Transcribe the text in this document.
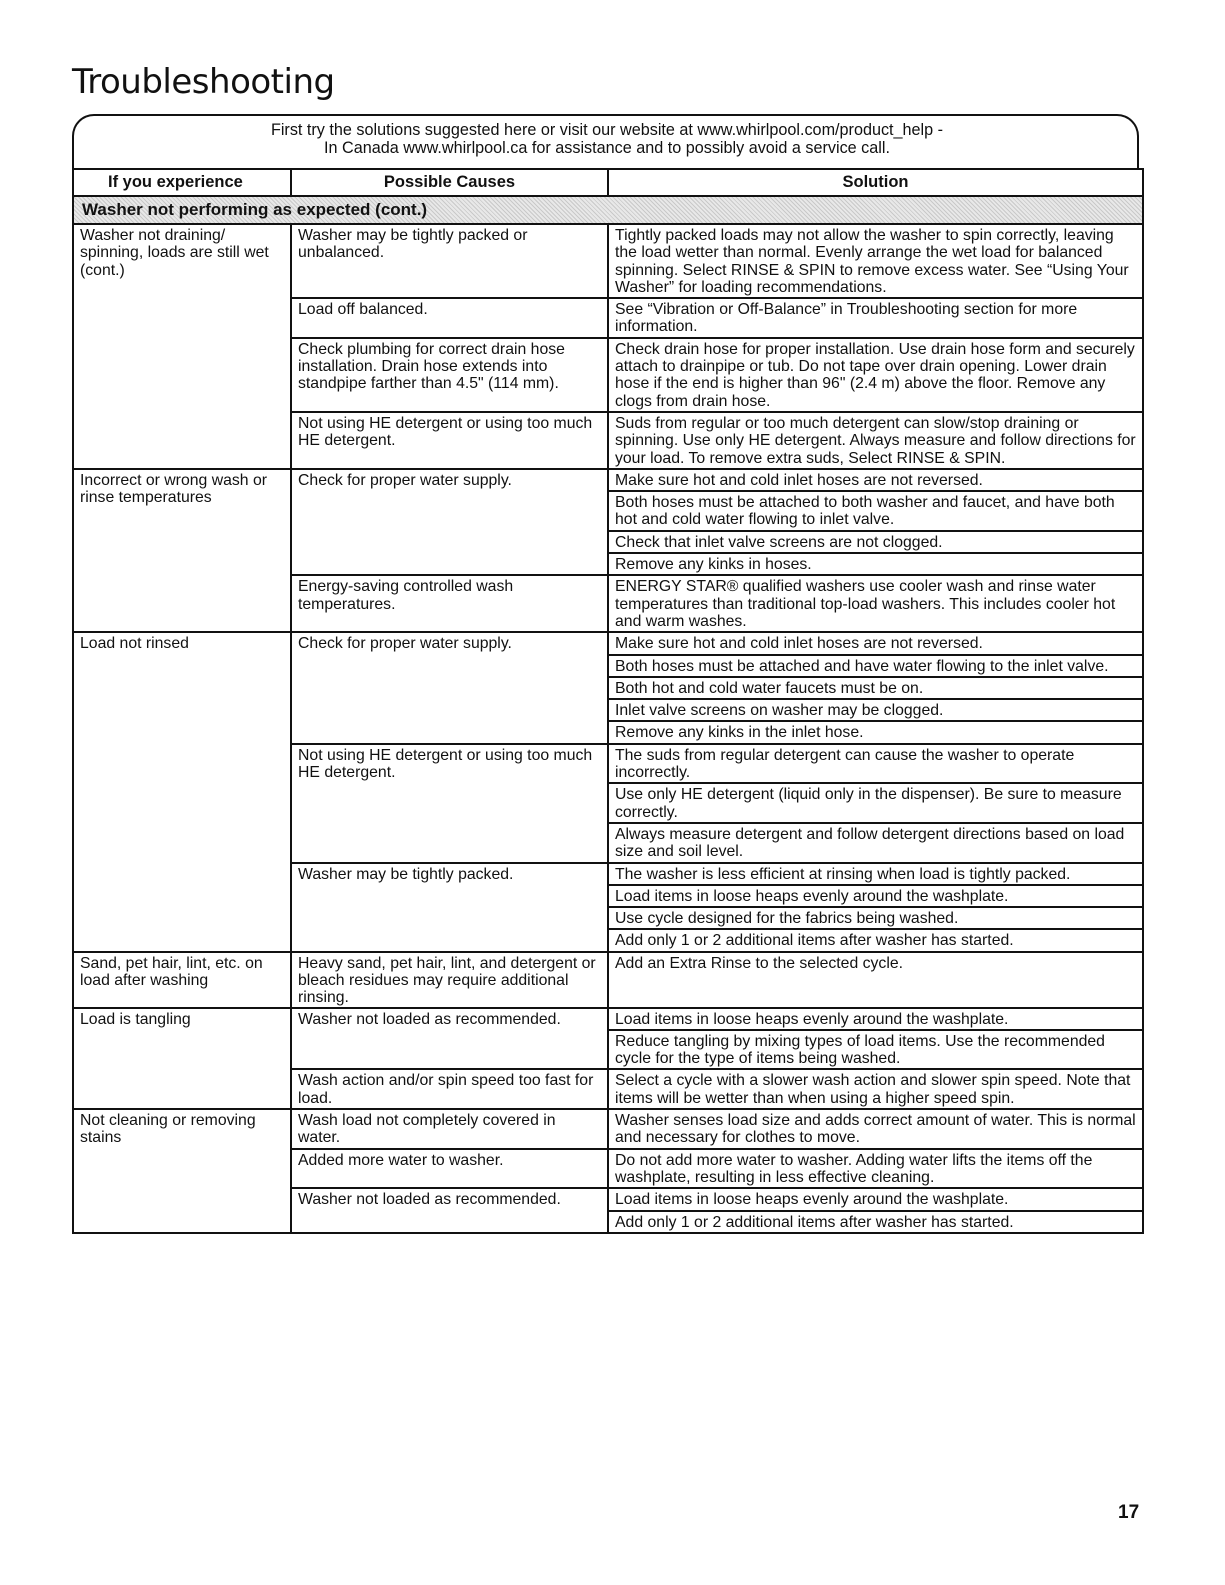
Troubleshooting
First try the solutions suggested here or visit our website at www.whirlpool.com/product_help -
In Canada www.whirlpool.ca for assistance and to possibly avoid a service call.
If you experience	Possible Causes	Solution
Washer not performing as expected (cont.)		
Washer not draining/ spinning, loads are still wet (cont.)	Washer may be tightly packed or unbalanced.	Tightly packed loads may not allow the washer to spin correctly, leaving the load wetter than normal. Evenly arrange the wet load for balanced spinning. Select RINSE & SPIN to remove excess water. See “Using Your Washer” for loading recommendations.
	Load off balanced.	See “Vibration or Off-Balance” in Troubleshooting section for more information.
	Check plumbing for correct drain hose installation. Drain hose extends into standpipe farther than 4.5" (114 mm).	Check drain hose for proper installation. Use drain hose form and securely attach to drainpipe or tub. Do not tape over drain opening. Lower drain hose if the end is higher than 96" (2.4 m) above the floor. Remove any clogs from drain hose.
	Not using HE detergent or using too much HE detergent.	Suds from regular or too much detergent can slow/stop draining or spinning. Use only HE detergent. Always measure and follow directions for your load. To remove extra suds, Select RINSE & SPIN.
Incorrect or wrong wash or rinse temperatures	Check for proper water supply.	Make sure hot and cold inlet hoses are not reversed.
		Both hoses must be attached to both washer and faucet, and have both hot and cold water flowing to inlet valve.
		Check that inlet valve screens are not clogged.
		Remove any kinks in hoses.
	Energy-saving controlled wash temperatures.	ENERGY STAR® qualified washers use cooler wash and rinse water temperatures than traditional top-load washers. This includes cooler hot and warm washes.
Load not rinsed	Check for proper water supply.	Make sure hot and cold inlet hoses are not reversed.
		Both hoses must be attached and have water flowing to the inlet valve.
		Both hot and cold water faucets must be on.
		Inlet valve screens on washer may be clogged.
		Remove any kinks in the inlet hose.
	Not using HE detergent or using too much HE detergent.	The suds from regular detergent can cause the washer to operate incorrectly.
		Use only HE detergent (liquid only in the dispenser). Be sure to measure correctly.
		Always measure detergent and follow detergent directions based on load size and soil level.
	Washer may be tightly packed.	The washer is less efficient at rinsing when load is tightly packed.
		Load items in loose heaps evenly around the washplate.
		Use cycle designed for the fabrics being washed.
		Add only 1 or 2 additional items after washer has started.
Sand, pet hair, lint, etc. on load after washing	Heavy sand, pet hair, lint, and detergent or bleach residues may require additional rinsing.	Add an Extra Rinse to the selected cycle.
Load is tangling	Washer not loaded as recommended.	Load items in loose heaps evenly around the washplate.
		Reduce tangling by mixing types of load items. Use the recommended cycle for the type of items being washed.
	Wash action and/or spin speed too fast for load.	Select a cycle with a slower wash action and slower spin speed. Note that items will be wetter than when using a higher speed spin.
Not cleaning or removing stains	Wash load not completely covered in water.	Washer senses load size and adds correct amount of water. This is normal and necessary for clothes to move.
	Added more water to washer.	Do not add more water to washer. Adding water lifts the items off the washplate, resulting in less effective cleaning.
	Washer not loaded as recommended.	Load items in loose heaps evenly around the washplate.
		Add only 1 or 2 additional items after washer has started.
17
